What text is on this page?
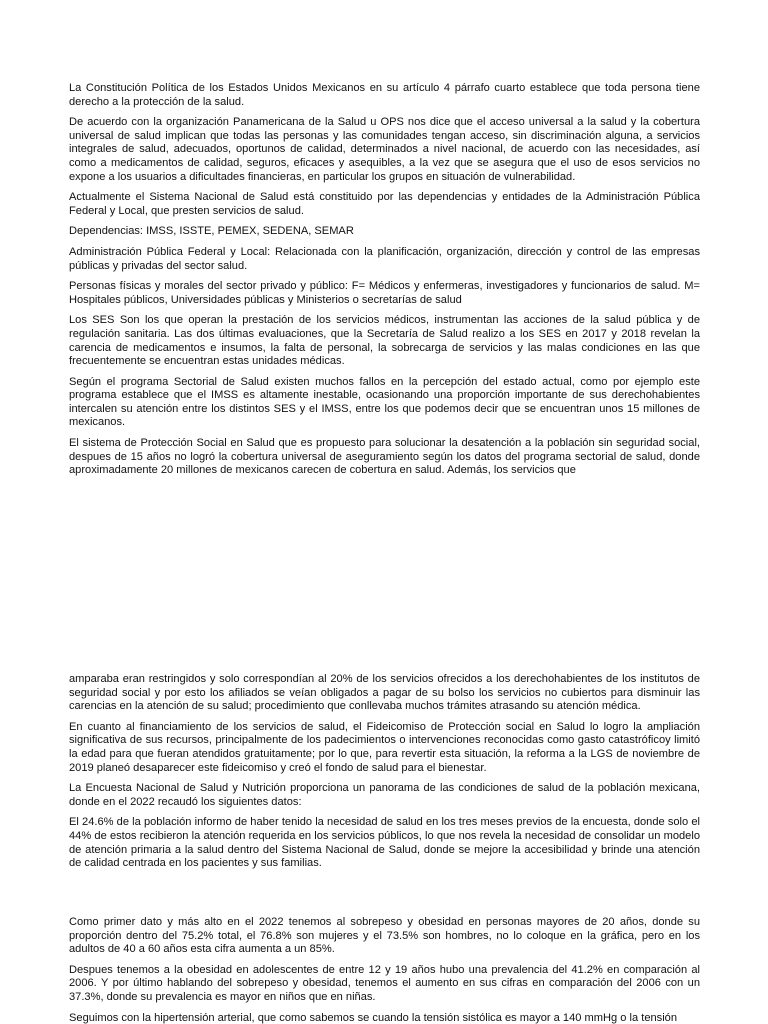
La Constitución Política de los Estados Unidos Mexicanos en su artículo 4 párrafo cuarto establece que toda persona tiene derecho a la protección de la salud.

De acuerdo con la organización Panamericana de la Salud u OPS nos dice que el acceso universal a la salud y la cobertura universal de salud implican que todas las personas y las comunidades tengan acceso, sin discriminación alguna, a servicios integrales de salud, adecuados, oportunos de calidad, determinados a nivel nacional, de acuerdo con las necesidades, así como a medicamentos de calidad, seguros, eficaces y asequibles, a la vez que se asegura que el uso de esos servicios no expone a los usuarios a dificultades financieras, en particular los grupos en situación de vulnerabilidad.

Actualmente el Sistema Nacional de Salud está constituido por las dependencias y entidades de la Administración Pública Federal y Local, que presten servicios de salud.

Dependencias: IMSS, ISSTE, PEMEX, SEDENA, SEMAR

Administración Pública Federal y Local: Relacionada con la planificación, organización, dirección y control de las empresas públicas y privadas del sector salud.

Personas físicas y morales del sector privado y público: F= Médicos y enfermeras, investigadores y funcionarios de salud. M= Hospitales públicos, Universidades públicas y Ministerios o secretarías de salud

Los SES Son los que operan la prestación de los servicios médicos, instrumentan las acciones de la salud pública y de regulación sanitaria. Las dos últimas evaluaciones, que la Secretaría de Salud realizo a los SES en 2017 y 2018 revelan la carencia de medicamentos e insumos, la falta de personal, la sobrecarga de servicios y las malas condiciones en las que frecuentemente se encuentran estas unidades médicas.

Según el programa Sectorial de Salud existen muchos fallos en la percepción del estado actual, como por ejemplo este programa establece que el IMSS es altamente inestable, ocasionando una proporción importante de sus derechohabientes intercalen su atención entre los distintos SES y el IMSS, entre los que podemos decir que se encuentran unos 15 millones de mexicanos.

El sistema de Protección Social en Salud que es propuesto para solucionar la desatención a la población sin seguridad social, despues de 15 años no logró la cobertura universal de aseguramiento según los datos del programa sectorial de salud, donde aproximadamente 20 millones de mexicanos carecen de cobertura en salud. Además, los servicios que

amparaba eran restringidos y solo correspondían al 20% de los servicios ofrecidos a los derechohabientes de los institutos de seguridad social y por esto los afiliados se veían obligados a pagar de su bolso los servicios no cubiertos para disminuir las carencias en la atención de su salud; procedimiento que conllevaba muchos trámites atrasando su atención médica.

En cuanto al financiamiento de los servicios de salud, el Fideicomiso de Protección social en Salud lo logro la ampliación significativa de sus recursos, principalmente de los padecimientos o intervenciones reconocidas como gasto catastróficoy limitó la edad para que fueran atendidos gratuitamente; por lo que, para revertir esta situación, la reforma a la LGS de noviembre de 2019 planeó desaparecer este fideicomiso y creó el fondo de salud para el bienestar.

La Encuesta Nacional de Salud y Nutrición proporciona un panorama de las condiciones de salud de la población mexicana, donde en el 2022 recaudó los siguientes datos:

El 24.6% de la población informo de haber tenido la necesidad de salud en los tres meses previos de la encuesta, donde solo el 44% de estos recibieron la atención requerida en los servicios públicos, lo que nos revela la necesidad de consolidar un modelo de atención primaria a la salud dentro del Sistema Nacional de Salud, donde se mejore la accesibilidad y brinde una atención de calidad centrada en los pacientes y sus familias.

Como primer dato y más alto en el 2022 tenemos al sobrepeso y obesidad en personas mayores de 20 años, donde su proporción dentro del 75.2% total, el 76.8% son mujeres y el 73.5% son hombres, no lo coloque en la gráfica, pero en los adultos de 40 a 60 años esta cifra aumenta a un 85%.

Despues tenemos a la obesidad en adolescentes de entre 12 y 19 años hubo una prevalencia del 41.2% en comparación al 2006. Y por último hablando del sobrepeso y obesidad, tenemos el aumento en sus cifras en comparación del 2006 con un 37.3%, donde su prevalencia es mayor en niños que en niñas.

Seguimos con la hipertensión arterial, que como sabemos se cuando la tensión sistólica es mayor a 140 mmHg o la tensión
